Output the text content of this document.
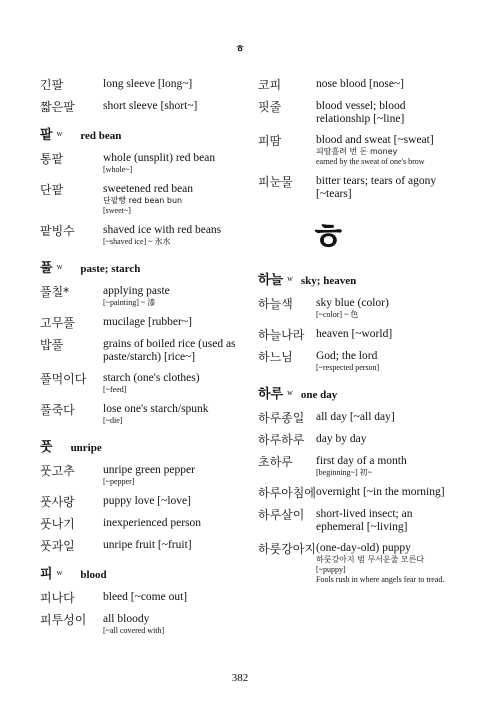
ㅎ
긴팔	long sleeve [long~]
짧은팔	short sleeve [short~]
팥 w red bean
통팥	whole (unsplit) red bean
[whole~]
단팥	sweetened red bean
단팥빵 red bean bun
[sweet~]
팥빙수	shaved ice with red beans
[~shaved ice] ~ 氷水
풀 w paste; starch
풀칠*	applying paste
[~painting] ~ 漆
고무풀	mucilage [rubber~]
밥풀	grains of boiled rice (used as paste/starch) [rice~]
풀먹이다	starch (one's clothes)
[~feed]
풀죽다	lose one's starch/spunk
[~die]
풋 unripe
풋고추	unripe green pepper
[~pepper]
풋사랑	puppy love [~love]
풋나기	inexperienced person
풋과일	unripe fruit [~fruit]
피 w blood
피나다	bleed [~come out]
피투성이	all bloody
[~all covered with]
코피	nose blood [nose~]
핏줄	blood vessel; blood relationship [~line]
피땀	blood and sweat [~sweat]
피땀흘려 번 돈 money
earned by the sweat of one's brow
피눈물	bitter tears; tears of agony [~tears]
ㅎ
하늘 w sky; heaven
하늘색	sky blue (color)
[~color] ~ 色
하늘나라	heaven [~world]
하느님	God; the lord
[~respected person]
하루 w one day
하루종일	all day [~all day]
하루하루	day by day
초하루	first day of a month
[beginning~] 初~
하루아침에 overnight [~in the morning]
하루살이	short-lived insect; an ephemeral [~living]
하룻강아지 (one-day-old) puppy
하룻강아지 범 무서운줄 모른다
[~puppy]
Fools rush in where angels fear to tread.
382
